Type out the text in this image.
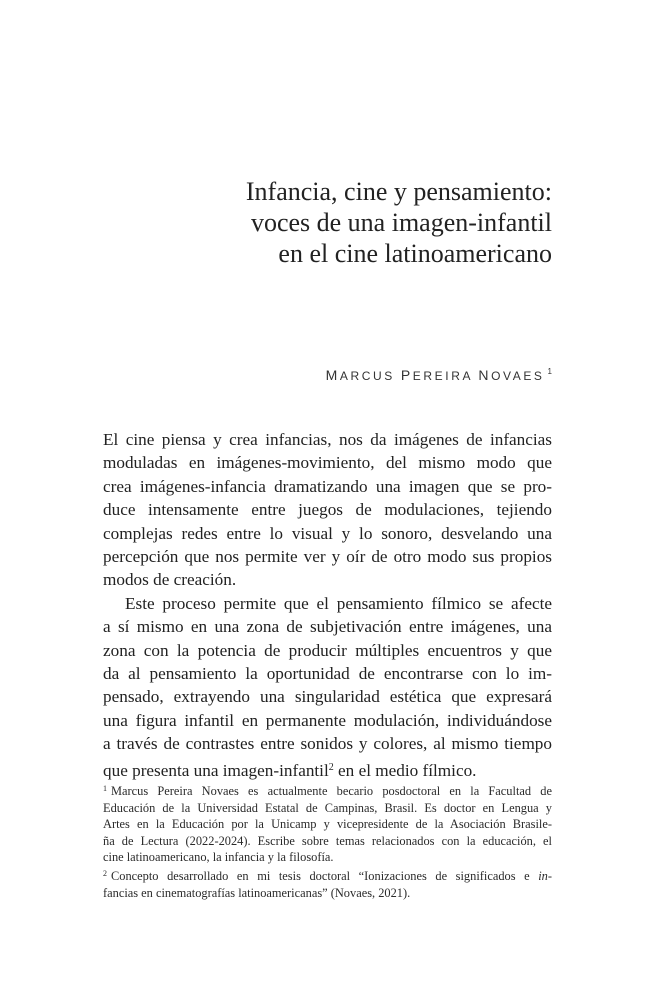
Infancia, cine y pensamiento:
voces de una imagen-infantil
en el cine latinoamericano
MARCUS PEREIRA NOVAES $^1$

El cine piensa y crea infancias, nos da imágenes de infancias
moduladas en imágenes-movimiento, del mismo modo que
crea imágenes-infancia dramatizando una imagen que se pro-
duce intensamente entre juegos de modulaciones, tejiendo
complejas redes entre lo visual y lo sonoro, desvelando una
percepción que nos permite ver y oír de otro modo sus propios
modos de creación.

Este proceso permite que el pensamiento fílmico se afecte
a sí mismo en una zona de subjetivación entre imágenes, una
zona con la potencia de producir múltiples encuentros y que
da al pensamiento la oportunidad de encontrarse con lo im-
pensado, extrayendo una singularidad estética que expresará
una figura infantil en permanente modulación, individuándose
a través de contrastes entre sonidos y colores, al mismo tiempo
que presenta una imagen-infantil$^2$ en el medio fílmico.

$^1$ Marcus Pereira Novaes es actualmente becario posdoctoral en la Facultad de
Educación de la Universidad Estatal de Campinas, Brasil. Es doctor en Lengua y
Artes en la Educación por la Unicamp y vicepresidente de la Asociación Brasile-
ña de Lectura (2022-2024). Escribe sobre temas relacionados con la educación, el
cine latinoamericano, la infancia y la filosofía.
$^2$ Concepto desarrollado en mi tesis doctoral “Ionizaciones de significados e in-
fancias en cinematografías latinoamericanas” (Novaes, 2021).
